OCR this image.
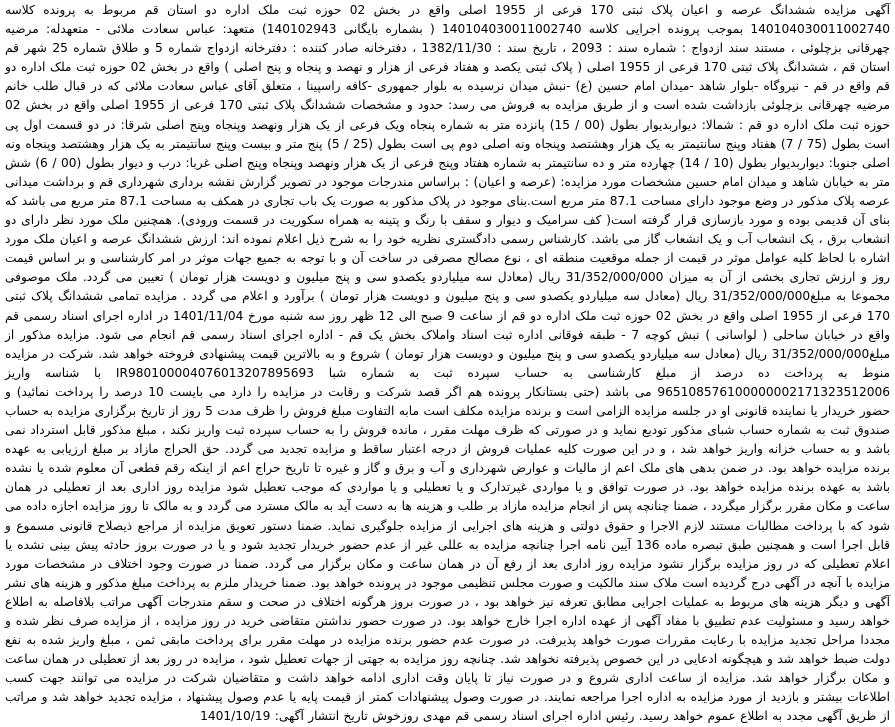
آگهی مزایده ششدانگ عرصه و اعیان پلاک ثبتی 170 فرعی از 1955 اصلی واقع در بخش 02 حوزه ثبت ملک اداره دو استان قم مربوط به پرونده کلاسه 140104030011002740 بموجب پرونده اجرایی کلاسه 140104030011002740 ( بشماره بایگانی 140102943) متعهد: عباس سعادت ملائی - متعهدله: مرضیه چهرقانی بزچلوئی ، مستند سند ازدواج : شماره سند : 2093 ، تاریخ سند : 1382/11/30 ، دفترخانه صادر کننده : دفترخانه ازدواج شماره 5 و طلاق شماره 25 شهر قم استان قم ، ششدانگ پلاک ثبتی 170 فرعی از 1955 اصلی ( پلاک ثبتی یکصد و هفتاد فرعی از هزار و نهصد و پنجاه و پنج اصلی ) واقع در بخش 02 حوزه ثبت ملک اداره دو قم واقع در قم - نیروگاه -بلوار شاهد -میدان امام حسین (ع) -نبش میدان نرسیده به بلوار جمهوری -کافه راسپینا ، متعلق آقای عباس سعادت ملائی که در قبال طلب خانم مرضیه چهرقانی بزچلوئی بازداشت شده است و از طریق مزایده به فروش می رسد: حدود و مشخصات ششدانگ پلاک ثبتی 170 فرعی از 1955 اصلی واقع در بخش 02 حوزه ثبت ملک اداره دو قم : شمالا: دیواربدیوار بطول (00 / 15) پانزده متر به شماره پنجاه ویک فرعی از یک هزار ونهصد وپنجاه وپنج اصلی شرقا: در دو قسمت اول پی است بطول (75 / 7) هفتاد وپنج سانتیمتر به یک هزار وهشتصد وپنجاه ونه اصلی دوم پی است بطول (25 / 5) پنج متر و بیست وپنج سانتیمتر به یک هزار وهشتصد وپنجاه ونه اصلی جنوبا: دیواربدیوار بطول (10 / 14) چهارده متر و ده سانتیمتر به شماره هفتاد وپنج فرعی از یک هزار ونهصد وپنجاه وپنج اصلی غربا: درب و دیوار بطول (00 / 6) شش متر به خیابان شاهد و میدان امام حسین مشخصات مورد مزایده: (عرصه و اعیان) : براساس مندرجات موجود در تصویر گزارش نقشه برداری شهرداری قم و برداشت میدانی عرصه پلاک مذکور در وضع موجود دارای مساحت 87.1 متر مربع است.بنای موجود در پلاک مذکور به صورت یک باب تجاری در همکف به مساحت 87.1 متر مربع می باشد که بنای آن قدیمی بوده و مورد بازسازی قرار گرفته است( کف سرامیک و دیوار و سقف با رنگ و پتینه به همراه سکوریت در قسمت ورودی). همچنین ملک مورد نظر دارای دو انشعاب برق ، یک انشعاب آب و یک انشعاب گاز می باشد. کارشناس رسمی دادگستری نظریه خود را به شرح ذیل اعلام نموده اند: ارزش ششدانگ عرصه و اعیان ملک مورد اشاره با لحاظ کلیه عوامل موثر در قیمت از جمله موقعیت منطقه ای ، نوع مصالح مصرفی در ساخت آن و با توجه به جمیع جهات موثر در امر کارشناسی و بر اساس قیمت روز و ارزش تجاری بخشی از آن به میزان 31/352/000/000 ریال (معادل سه میلیاردو یکصدو سی و پنج میلیون و دویست هزار تومان ) تعیین می گردد. ملک موصوفی مجموعا به مبلغ31/352/000/000 ریال (معادل سه میلیاردو یکصدو سی و پنج میلیون و دویست هزار تومان ) برآورد و اعلام می گردد . مزایده تمامی ششدانگ پلاک ثبتی 170 فرعی از 1955 اصلی واقع در بخش 02 حوزه ثبت ملک اداره دو قم از ساعت 9 صبح الی 12 ظهر روز سه شنبه مورخ 1401/11/04 در اداره اجرای اسناد رسمی قم واقع در خیابان ساحلی ( لواسانی ) نبش کوچه 7 - طبقه فوقانی اداره ثبت اسناد واملاک بخش یک قم - اداره اجرای اسناد رسمی قم انجام می شود. مزایده مذکور از مبلغ31/352/000/000 ریال (معادل سه میلیاردو یکصدو سی و پنج میلیون و دویست هزار تومان ) شروع و به بالاترین قیمت پیشنهادی فروخته خواهد شد. شرکت در مزایده منوط به پرداخت ده درصد از مبلغ کارشناسی به حساب سپرده ثبت به شماره شبا IR980100004076013207895693 با شناسه واریز 965108576100000002171323512006 می باشد (حتی بستانکار پرونده هم اگر قصد شرکت و رقابت در مزایده را دارد می بایست 10 درصد را پرداخت نمائید) و حضور خریدار یا نماینده قانونی او در جلسه مزایده الزامی است و برنده مزایده مکلف است مابه التفاوت مبلغ فروش را ظرف مدت 5 روز از تاریخ برگزاری مزایده به حساب صندوق ثبت به شماره حساب شبای مذکور تودیع نماید و در صورتی که ظرف مهلت مقرر ، مانده فروش را به حساب سپرده ثبت واریز نکند ، مبلغ مذکور قابل استرداد نمی باشد و به حساب خزانه واریز خواهد شد ، و در این صورت کلیه عملیات فروش از درجه اعتبار ساقط و مزایده تجدید می گردد. حق الحراج مازاد بر مبلغ ارزیابی به عهده برنده مزایده خواهد بود. در ضمن بدهی های ملک اعم از مالیات و عوارض شهرداری و آب و برق و گاز و غیره تا تاریخ حراج اعم از اینکه رقم قطعی آن معلوم شده یا نشده باشد به عهده برنده مزایده خواهد بود. در صورت توافق و یا مواردی غیرتدارک و یا تعطیلی و یا مواردی که موجب تعطیل شود مزایده روز اداری بعد از تعطیلی در همان ساعت و مکان مقرر برگزار میگردد ، ضمنا چنانچه پس از انجام مزایده مازاد بر طلب و هزینه ها به دست آید به مالک مسترد می گردد و به مالک تا روز مزایده اجازه داده می شود که با پرداخت مطالبات مستند لازم الاجرا و حقوق دولتی و هزینه های اجرایی از مزایده جلوگیری نماید. ضمنا دستور تعویق مزایده از مراجع ذیصلاح قانونی مسموع و قابل اجرا است و همچنین طبق تبصره ماده 136 آیین نامه اجرا چنانچه مزایده به عللی غیر از عدم حضور خریدار تجدید شود و یا در صورت بروز حادثه پیش بینی نشده یا اعلام تعطیلی که در روز مزایده برگزار نشود مزایده روز اداری بعد از رفع آن در همان ساعت و مکان برگزار می گردد. ضمنا در صورت وجود اختلاف در مشخصات مورد مزایده با آنچه در آگهی درج گردیده است ملاک سند مالکیت و صورت مجلس تنظیمی موجود در پرونده خواهد بود. ضمنا خریدار ملزم به پرداخت مبلغ مذکور و هزینه های نشر آگهی و دیگر هزینه های مربوط به عملیات اجرایی مطابق تعرفه نیز خواهد بود ، در صورت بروز هرگونه اختلاف در صحت و سقم مندرجات آگهی مراتب بلافاصله به اطلاع خواهد رسید و مسئولیت عدم تطبیق با مفاد آگهی از عهده اداره اجرا خارج خواهد بود. در صورت حضور نداشتن متقاضی خرید در روز مزایده ، از مزایده صرف نظر شده و مجددا مراحل تجدید مزایده با رعایت مقررات صورت خواهد پذیرفت. در صورت عدم حضور برنده مزایده در مهلت مقرر برای پرداخت مابقی ثمن ، مبلغ واریز شده به نفع دولت ضبط خواهد شد و هیچگونه ادعایی در این خصوص پذیرفته نخواهد شد. چنانچه روز مزایده به جهتی از جهات تعطیل شود ، مزایده در روز بعد از تعطیلی در همان ساعت و مکان برگزار خواهد شد. مزایده از ساعت اداری شروع و در صورت نیاز تا پایان وقت اداری ادامه خواهد داشت و متقاضیان شرکت در مزایده می توانند جهت کسب اطلاعات بیشتر و بازدید از مورد مزایده به اداره اجرا مراجعه نمایند. در صورت وصول پیشنهادات کمتر از قیمت پایه یا عدم وصول پیشنهاد ، مزایده تجدید خواهد شد و مراتب از طریق آگهی مجدد به اطلاع عموم خواهد رسید. رئیس اداره اجرای اسناد رسمی قم مهدی روزخوش تاریخ انتشار آگهی: 1401/10/19
